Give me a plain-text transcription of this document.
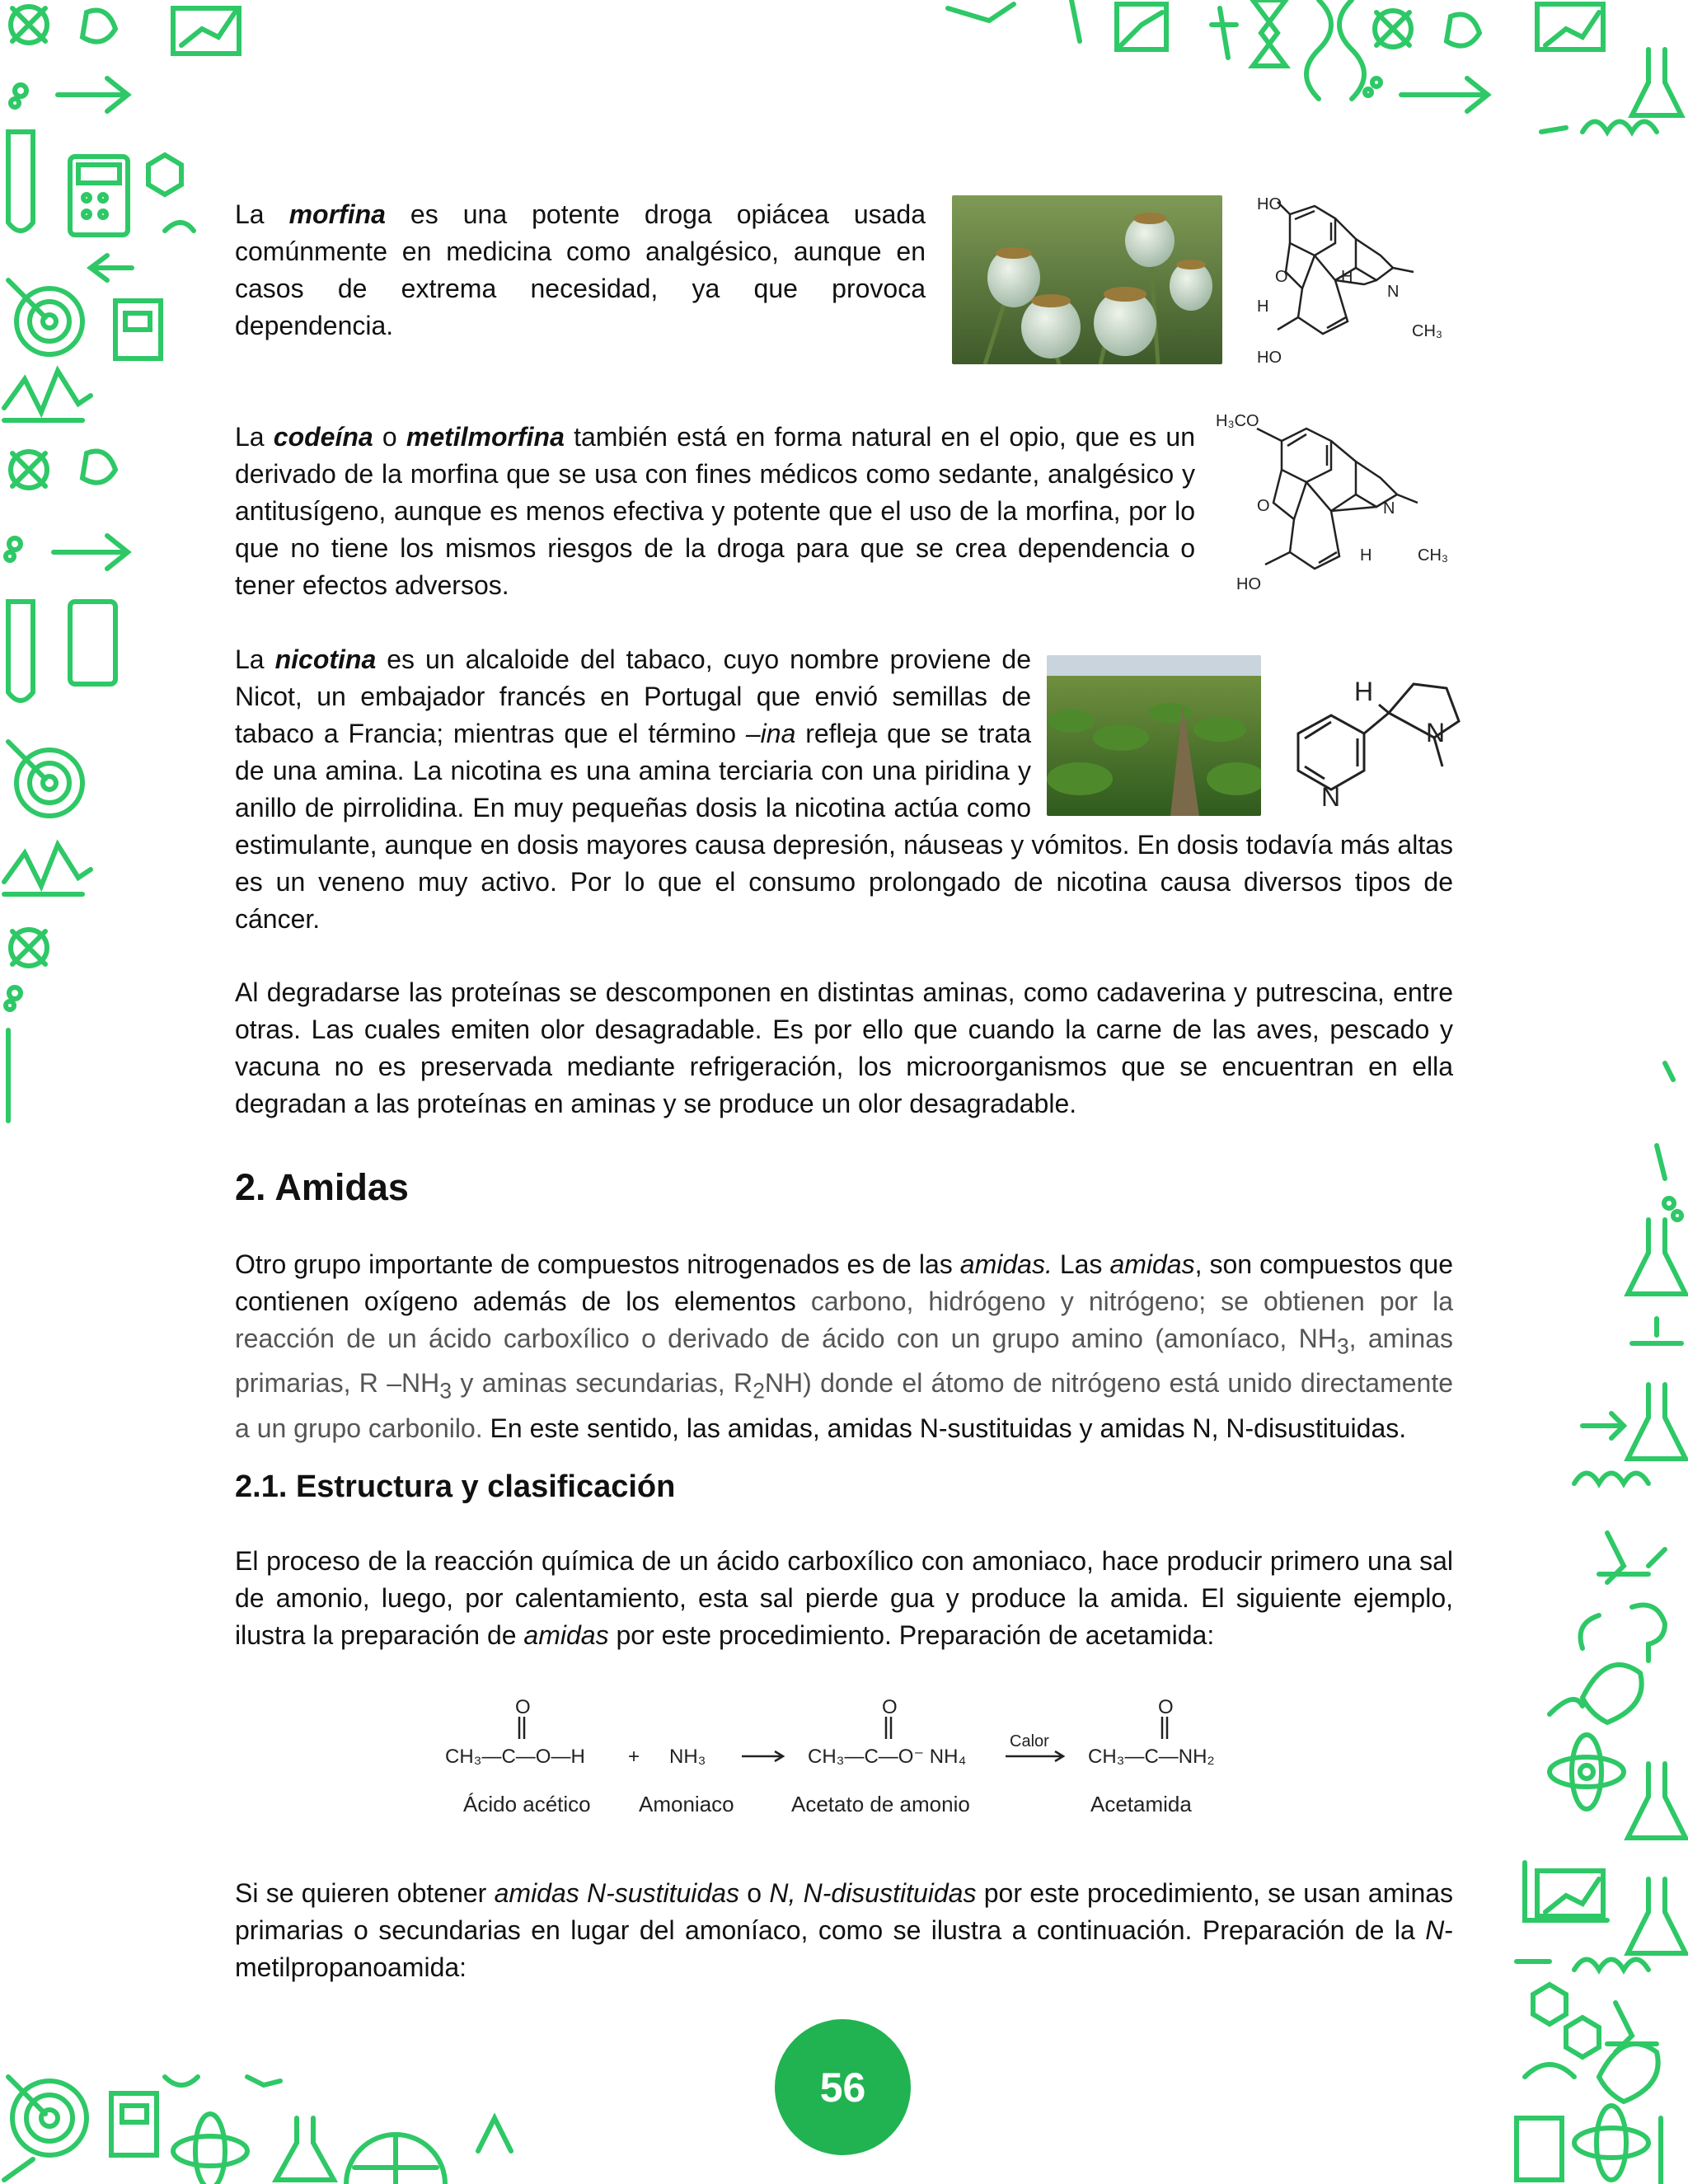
La morfina es una potente droga opiácea usada comúnmente en medicina como analgésico, aunque en casos de extrema necesidad, ya que provoca dependencia.

HO
O
H
H
N
CH₃
HO

La codeína o metilmorfina también está en forma natural en el opio, que es un derivado de la morfina que se usa con fines médicos como sedante, analgésico y antitusígeno, aunque es menos efectiva y potente que el uso de la morfina, por lo que no tiene los mismos riesgos de la droga para que se crea dependencia o tener efectos adversos.

H₃CO
O	N
H	CH₃
HO
H
N
N

La nicotina es un alcaloide del tabaco, cuyo nombre proviene de Nicot, un embajador francés en Portugal que envió semillas de tabaco a Francia; mientras que el término –ina refleja que se trata de una amina. La nicotina es una amina terciaria con una piridina y anillo de pirrolidina. En muy pequeñas dosis la nicotina actúa como estimulante, aunque en dosis mayores causa depresión, náuseas y vómitos. En dosis todavía más altas es un veneno muy activo. Por lo que el consumo prolongado de nicotina causa diversos tipos de cáncer.

Al degradarse las proteínas se descomponen en distintas aminas, como cadaverina y putrescina, entre otras. Las cuales emiten olor desagradable. Es por ello que cuando la carne de las aves, pescado y vacuna no es preservada mediante refrigeración, los microorganismos que se encuentran en ella degradan a las proteínas en aminas y se produce un olor desagradable.

2. Amidas

Otro grupo importante de compuestos nitrogenados es de las amidas. Las amidas, son compuestos que contienen oxígeno además de los elementos carbono, hidrógeno y nitrógeno; se obtienen por la reacción de un ácido carboxílico o derivado de ácido con un grupo amino (amoníaco, $NH_3$, aminas primarias, R $-NH_3$ y aminas secundarias, $R_2NH$) donde el átomo de nitrógeno está unido directamente a un grupo carbonilo. En este sentido, las amidas, amidas N-sustituidas y amidas N, N-disustituidas.

2.1. Estructura y clasificación

El proceso de la reacción química de un ácido carboxílico con amoniaco, hace producir primero una sal de amonio, luego, por calentamiento, esta sal pierde gua y produce la amida. El siguiente ejemplo, ilustra la preparación de amidas por este procedimiento. Preparación de acetamida:

O	O	O
CH₃—C—O—H + NH₃	CH₃—C—O⁻ NH₄
Calor
CH₃—C—NH₂
Ácido acético Amoniaco	Acetato de amonio	Acetamida

Si se quieren obtener amidas N-sustituidas o N, N-disustituidas por este procedimiento, se usan aminas primarias o secundarias en lugar del amoníaco, como se ilustra a continuación. Preparación de la N-metilpropanoamida:

56
